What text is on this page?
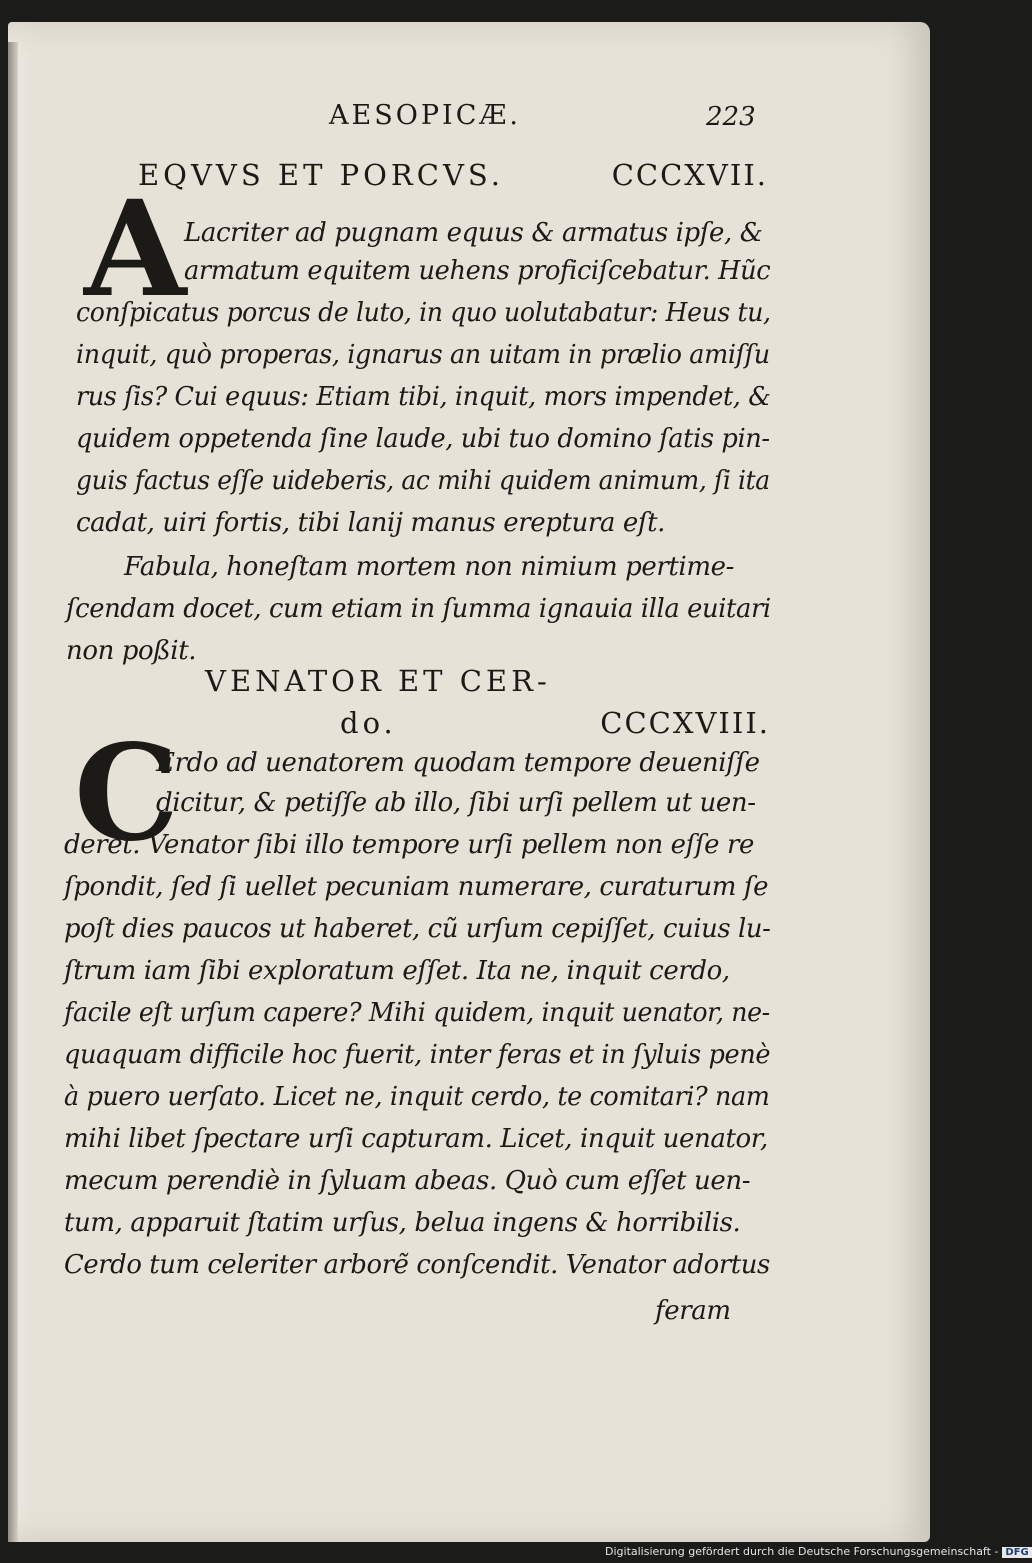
AESOPICÆ.	223
EQVVS ET PORCVS.	CCCXVII.
A
Lacriter ad pugnam equus & armatus ipſe, &
armatum equitem uehens proficiſcebatur. Hũc
conſpicatus porcus de luto, in quo uolutabatur: Heus tu,
inquit, quò properas, ignarus an uitam in prælio amiſſu
rus ſis? Cui equus: Etiam tibi, inquit, mors impendet, &
quidem oppetenda ſine laude, ubi tuo domino ſatis pin-
guis factus eſſe uideberis, ac mihi quidem animum, ſi ita
cadat, uiri fortis, tibi lanij manus ereptura eſt.
Fabula, honeſtam mortem non nimium pertime-
ſcendam docet, cum etiam in ſumma ignauia illa euitari
non poßit.
VENATOR ET CER-
do.	CCCXVIII.
C
Erdo ad uenatorem quodam tempore deueniſſe
dicitur, & petiſſe ab illo, ſibi urſi pellem ut uen-
deret. Venator ſibi illo tempore urſi pellem non eſſe re
ſpondit, ſed ſi uellet pecuniam numerare, curaturum ſe
poſt dies paucos ut haberet, cũ urſum cepiſſet, cuius lu-
ſtrum iam ſibi exploratum eſſet. Ita ne, inquit cerdo,
facile eſt urſum capere? Mihi quidem, inquit uenator, ne-
quaquam difficile hoc fuerit, inter feras et in ſyluis penè
à puero uerſato. Licet ne, inquit cerdo, te comitari? nam
mihi libet ſpectare urſi capturam. Licet, inquit uenator,
mecum perendiè in ſyluam abeas. Quò cum eſſet uen-
tum, apparuit ſtatim urſus, belua ingens & horribilis.
Cerdo tum celeriter arborẽ conſcendit. Venator adortus
feram
Digitalisierung gefördert durch die Deutsche Forschungsgemeinschaft - DFG
